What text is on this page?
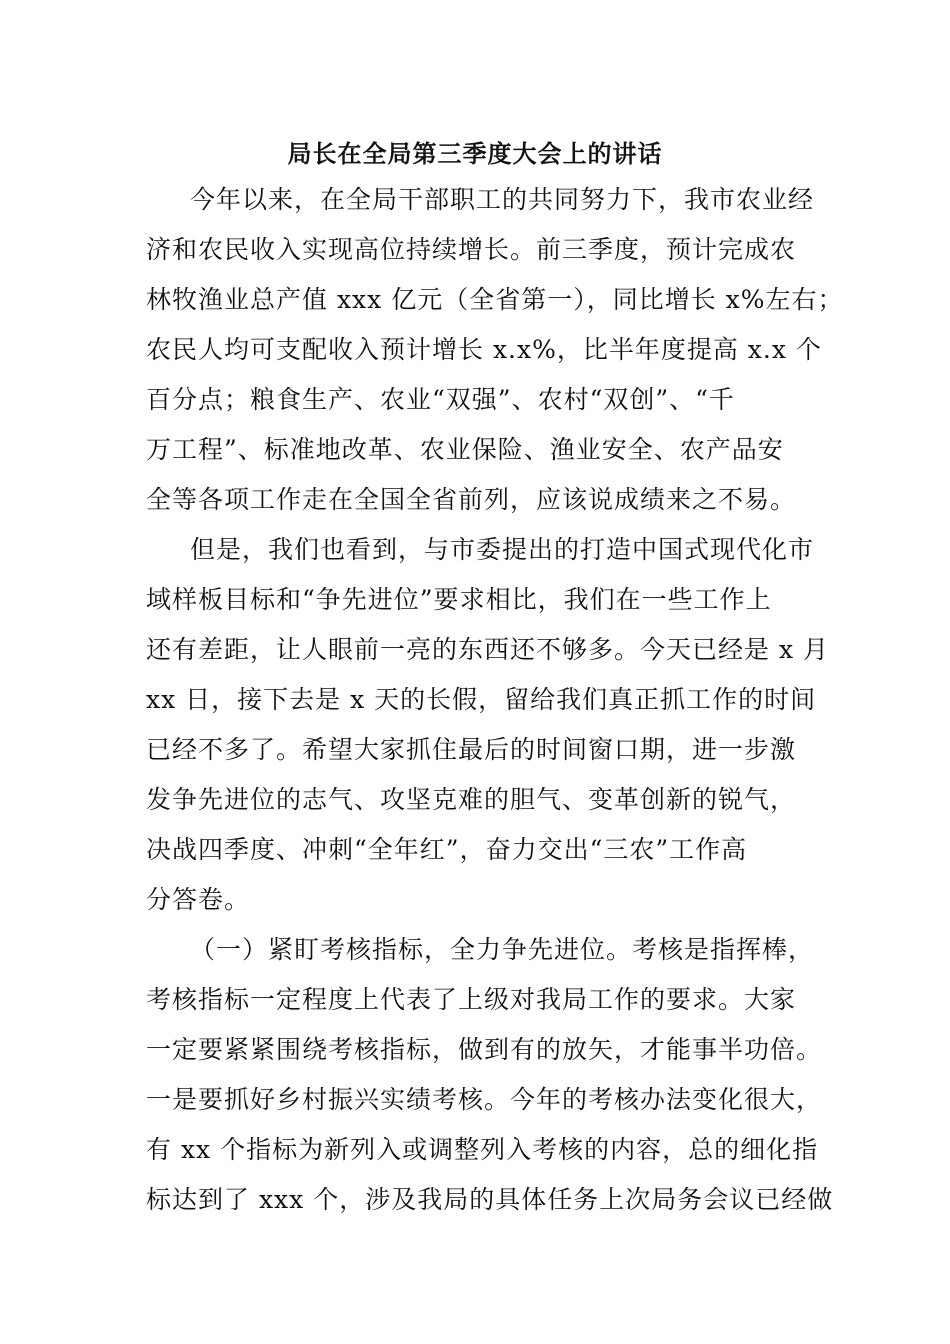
局长在全局第三季度大会上的讲话
今年以来，在全局干部职工的共同努力下，我市农业经
济和农民收入实现高位持续增长。前三季度，预计完成农
林牧渔业总产值 xxx 亿元（全省第一），同比增长 x%左右；
农民人均可支配收入预计增长 x.x%，比半年度提高 x.x 个
百分点；粮食生产、农业“双强”、农村“双创”、“千
万工程”、标准地改革、农业保险、渔业安全、农产品安
全等各项工作走在全国全省前列，应该说成绩来之不易。
但是，我们也看到，与市委提出的打造中国式现代化市
域样板目标和“争先进位”要求相比，我们在一些工作上
还有差距，让人眼前一亮的东西还不够多。今天已经是 x 月
xx 日，接下去是 x 天的长假，留给我们真正抓工作的时间
已经不多了。希望大家抓住最后的时间窗口期，进一步激
发争先进位的志气、攻坚克难的胆气、变革创新的锐气，
决战四季度、冲刺“全年红”，奋力交出“三农”工作高
分答卷。
（一）紧盯考核指标，全力争先进位。考核是指挥棒，
考核指标一定程度上代表了上级对我局工作的要求。大家
一定要紧紧围绕考核指标，做到有的放矢，才能事半功倍。
一是要抓好乡村振兴实绩考核。今年的考核办法变化很大，
有 xx 个指标为新列入或调整列入考核的内容，总的细化指
标达到了 xxx 个，涉及我局的具体任务上次局务会议已经做
